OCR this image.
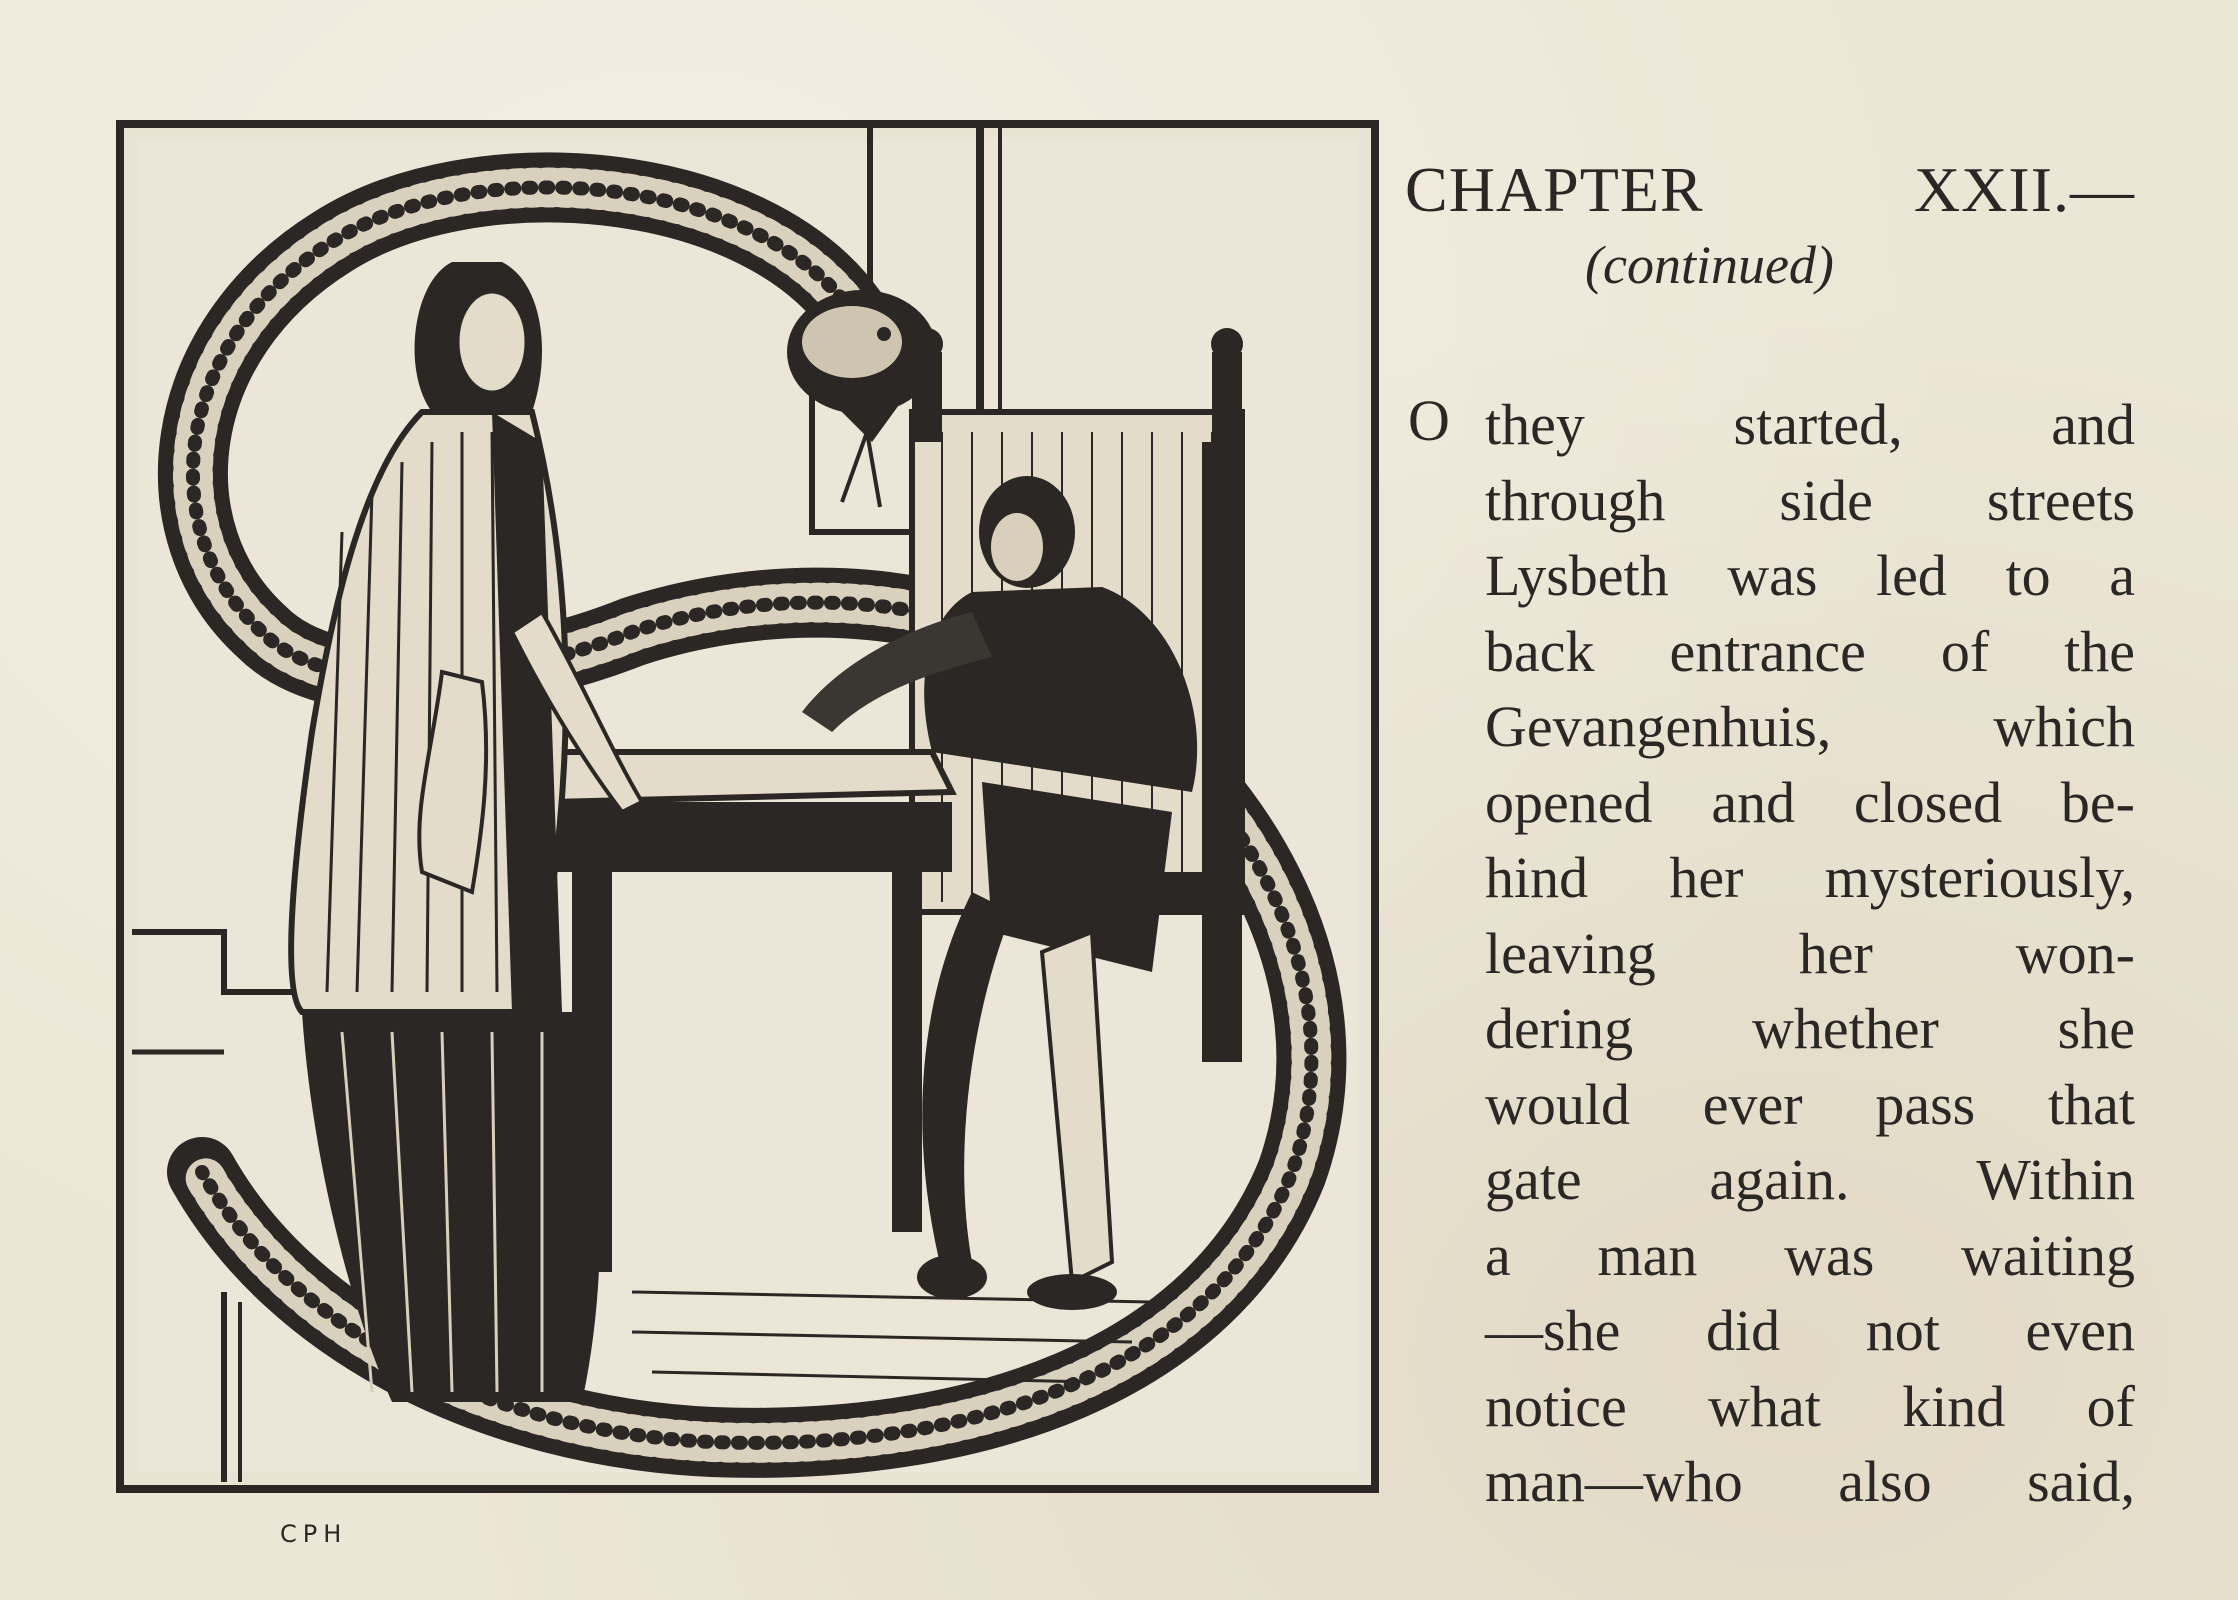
CPH
CHAPTER	XXII.—
(continued)
O they started, and
through side streets
Lysbeth was led to a
back entrance of the
Gevangenhuis, which
opened and closed be-
hind her mysteriously,
leaving her won-
dering whether she
would ever pass that
gate again. Within
a man was waiting
—she did not even
notice what kind of
man—who also said,
